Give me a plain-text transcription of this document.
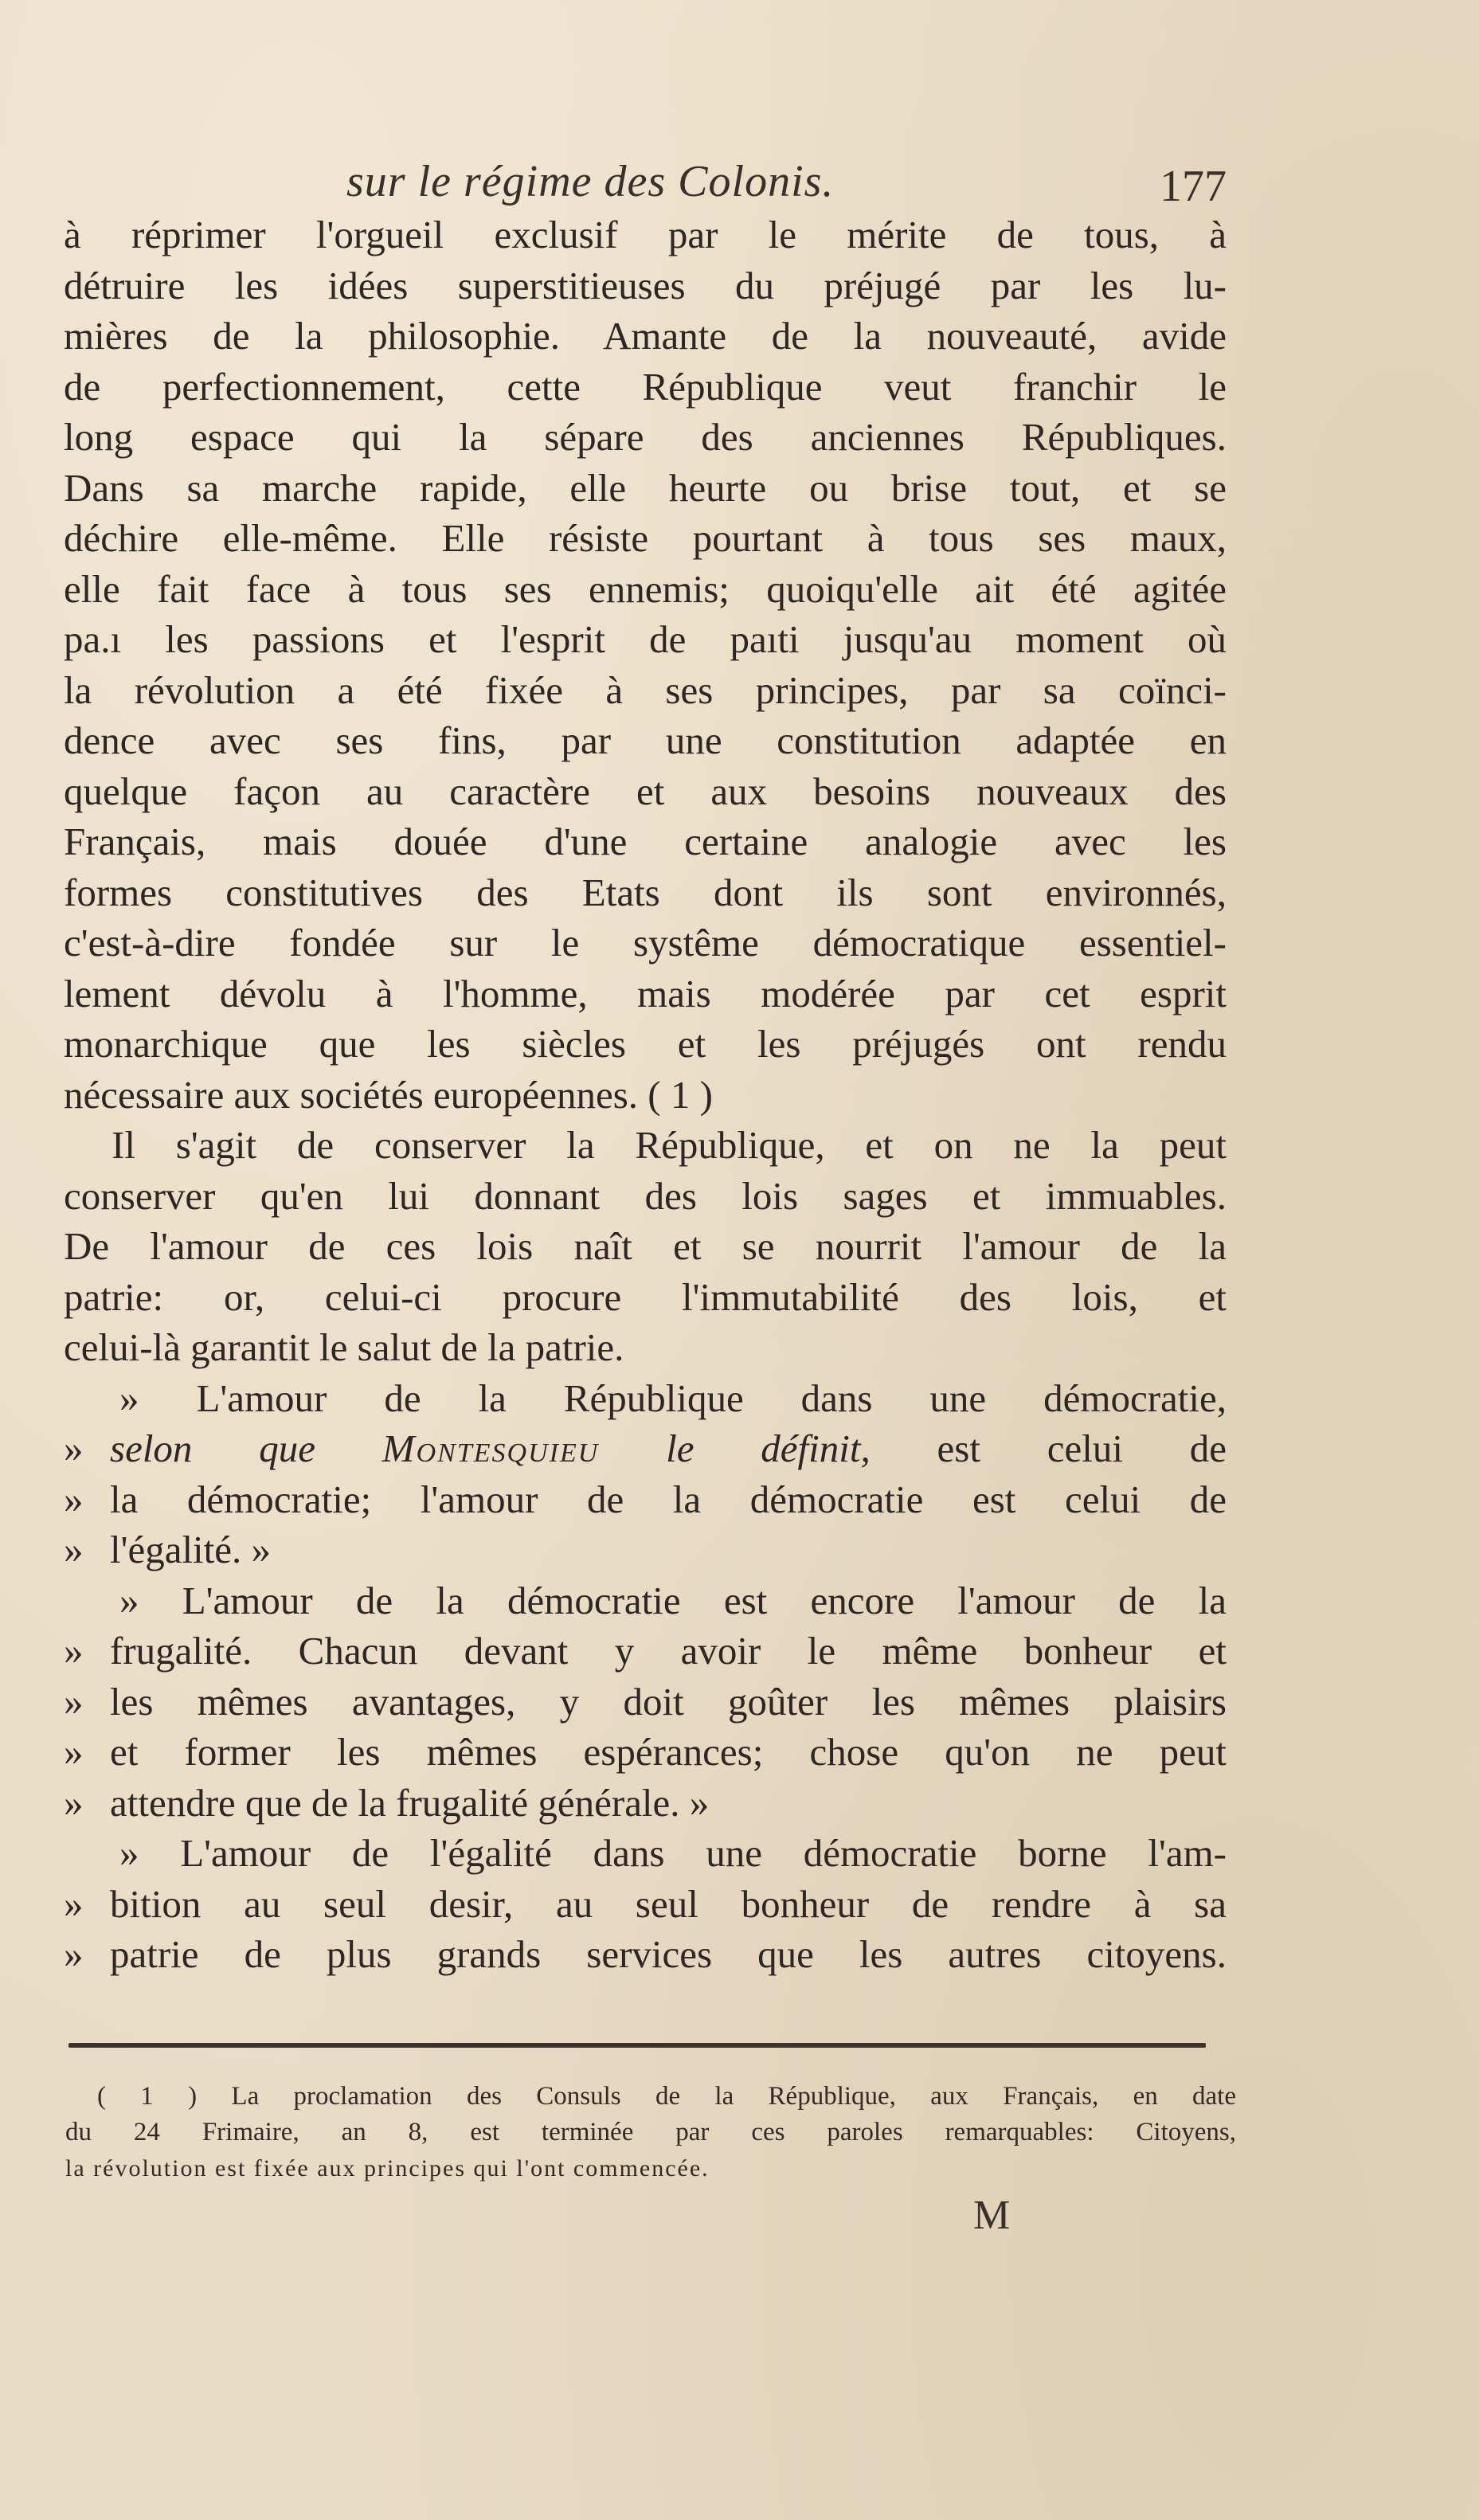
sur le régime des Colonis.	177
à réprimer l'orgueil exclusif par le mérite de tous, à
détruire les idées superstitieuses du préjugé par les lu-
mières de la philosophie. Amante de la nouveauté, avide
de perfectionnement, cette République veut franchir le
long espace qui la sépare des anciennes Républiques.
Dans sa marche rapide, elle heurte ou brise tout, et se
déchire elle-même. Elle résiste pourtant à tous ses maux,
elle fait face à tous ses ennemis; quoiqu'elle ait été agitée
pa.ı les passions et l'esprit de paıti jusqu'au moment où
la révolution a été fixée à ses principes, par sa coïnci-
dence avec ses fins, par une constitution adaptée en
quelque façon au caractère et aux besoins nouveaux des
Français, mais douée d'une certaine analogie avec les
formes constitutives des Etats dont ils sont environnés,
c'est-à-dire fondée sur le systême démocratique essentiel-
lement dévolu à l'homme, mais modérée par cet esprit
monarchique que les siècles et les préjugés ont rendu
nécessaire aux sociétés européennes. ( 1 )
Il s'agit de conserver la République, et on ne la peut
conserver qu'en lui donnant des lois sages et immuables.
De l'amour de ces lois naît et se nourrit l'amour de la
patrie: or, celui-ci procure l'immutabilité des lois, et
celui-là garantit le salut de la patrie.
» L'amour de la République dans une démocratie,
» selon que Montesquieu le définit, est celui de
» la démocratie; l'amour de la démocratie est celui de
» l'égalité. »
» L'amour de la démocratie est encore l'amour de la
» frugalité. Chacun devant y avoir le même bonheur et
» les mêmes avantages, y doit goûter les mêmes plaisirs
» et former les mêmes espérances; chose qu'on ne peut
» attendre que de la frugalité générale. »
» L'amour de l'égalité dans une démocratie borne l'am-
» bition au seul desir, au seul bonheur de rendre à sa
» patrie de plus grands services que les autres citoyens.
( 1 ) La proclamation des Consuls de la République, aux Français, en date
du 24 Frimaire, an 8, est terminée par ces paroles remarquables: Citoyens,
la révolution est fixée aux principes qui l'ont commencée.
M
